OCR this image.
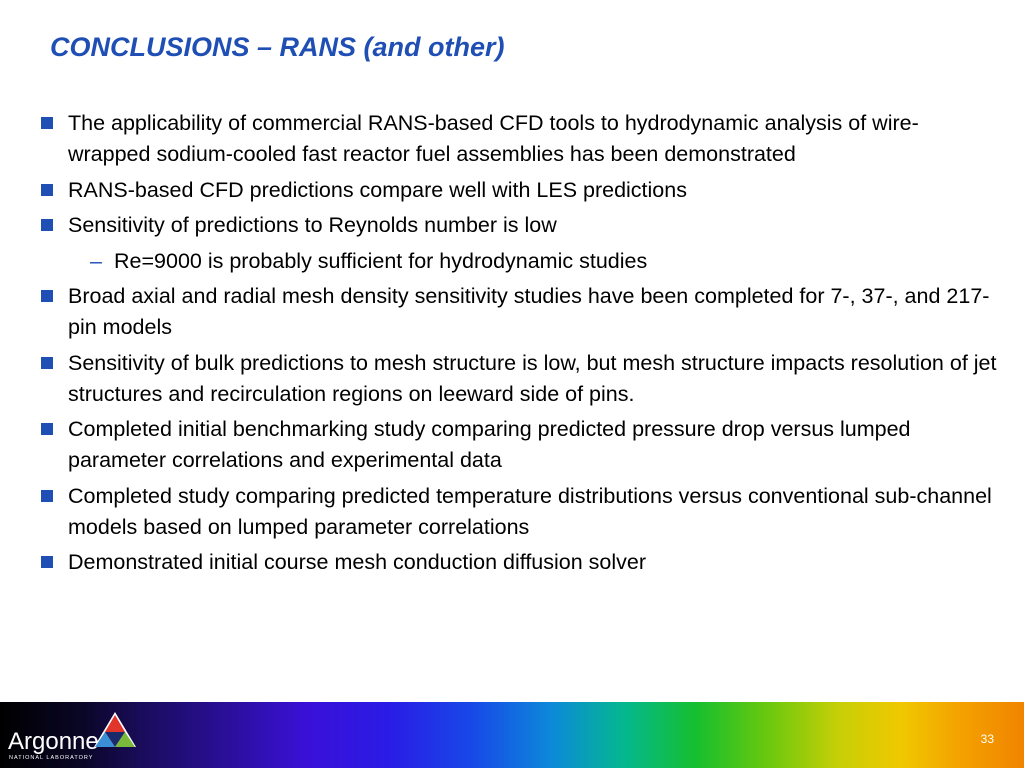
CONCLUSIONS – RANS (and other)
The applicability of commercial RANS-based CFD tools to hydrodynamic analysis of wire-wrapped sodium-cooled fast reactor fuel assemblies has been demonstrated
RANS-based CFD predictions compare well with LES predictions
Sensitivity of predictions to Reynolds number is low
– Re=9000 is probably sufficient for hydrodynamic studies
Broad axial and radial mesh density sensitivity studies have been completed for 7-, 37-, and 217-pin models
Sensitivity of bulk predictions to mesh structure is low, but mesh structure impacts resolution of jet structures and recirculation regions on leeward side of pins.
Completed initial benchmarking study comparing predicted pressure drop versus lumped parameter correlations and experimental data
Completed study comparing predicted temperature distributions versus conventional sub-channel models based on lumped parameter correlations
Demonstrated initial course mesh conduction diffusion solver
Argonne
NATIONAL LABORATORY
33
